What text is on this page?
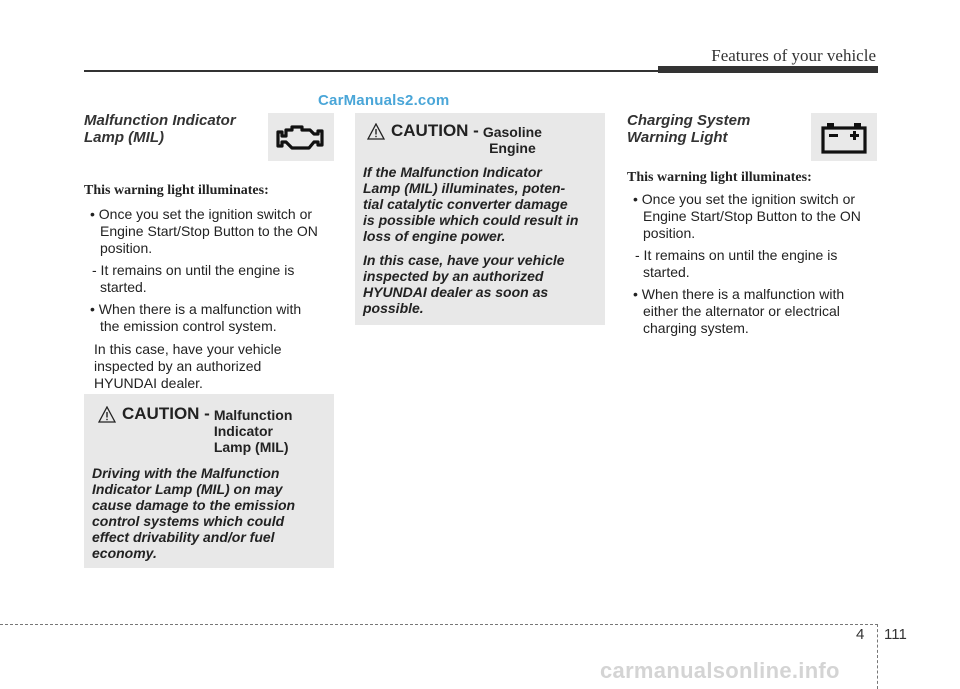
Features of your vehicle
CarManuals2.com
Malfunction Indicator
Lamp (MIL)
This warning light illuminates:

• Once you set the ignition switch or
Engine Start/Stop Button to the ON
position.

- It remains on until the engine is
started.

• When there is a malfunction with
the emission control system.

In this case, have your vehicle
inspected by an authorized
HYUNDAI dealer.

CAUTION - Malfunction
Indicator
Lamp (MIL)
Driving with the Malfunction
Indicator Lamp (MIL) on may
cause damage to the emission
control systems which could
effect drivability and/or fuel
economy.
CAUTION - Gasoline
Engine
If the Malfunction Indicator
Lamp (MIL) illuminates, poten-
tial catalytic converter damage
is possible which could result in
loss of engine power.
In this case, have your vehicle
inspected by an authorized
HYUNDAI dealer as soon as
possible.
Charging System
Warning Light
This warning light illuminates:

• Once you set the ignition switch or
Engine Start/Stop Button to the ON
position.

- It remains on until the engine is
started.

• When there is a malfunction with
either the alternator or electrical
charging system.

4 111
carmanualsonline.info
